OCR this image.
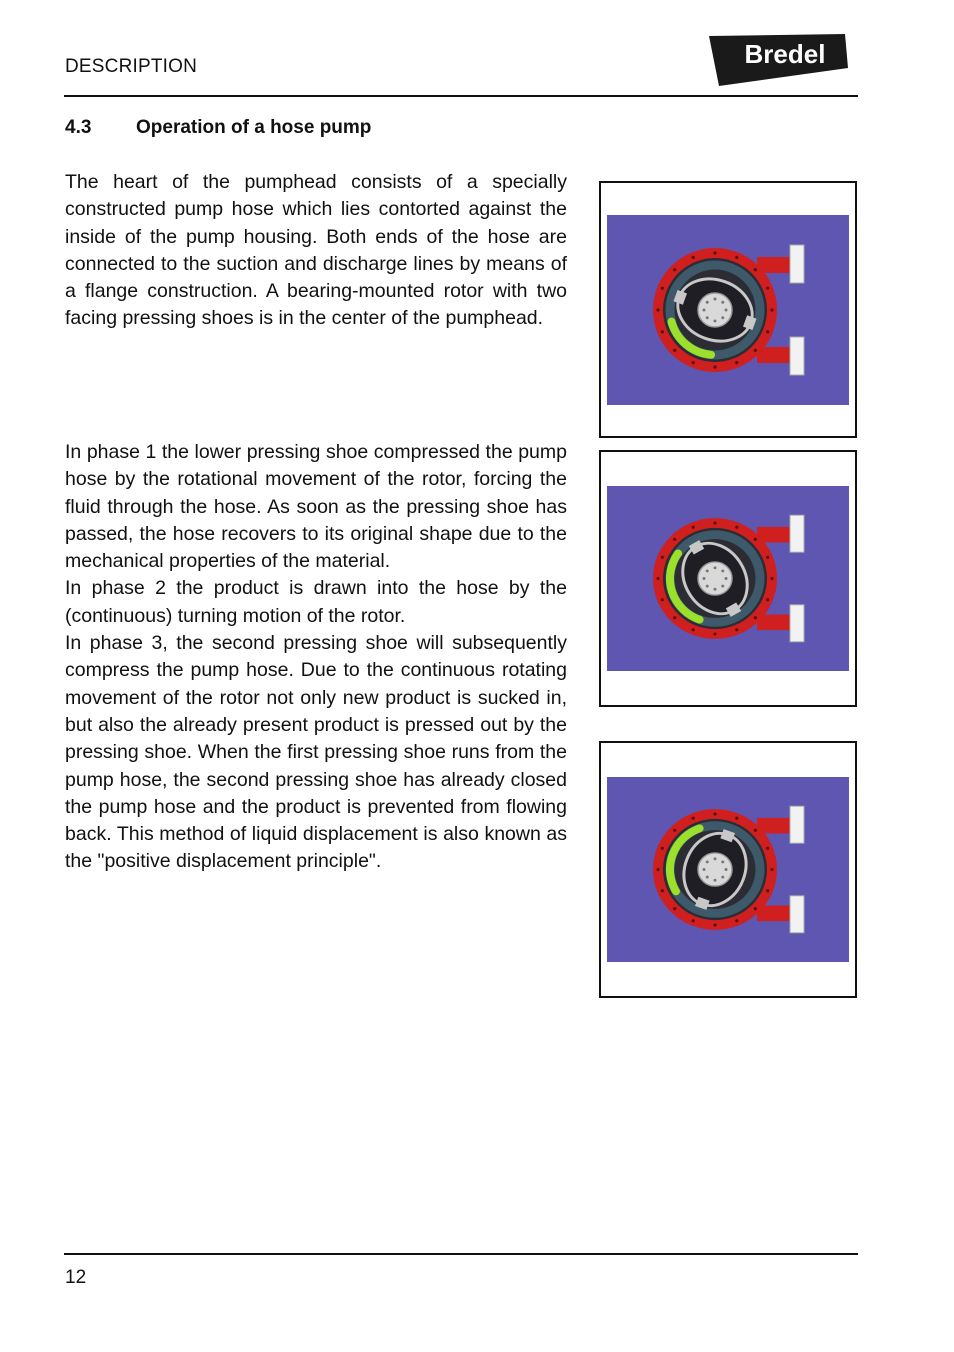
DESCRIPTION	Bredel
4.3 Operation of a hose pump

The heart of the pumphead consists of a specially constructed pump hose which lies contorted against the inside of the pump housing. Both ends of the hose are connected to the suction and discharge lines by means of a flange construction. A bearing-mounted rotor with two facing pressing shoes is in the center of the pumphead.

In phase 1 the lower pressing shoe compressed the pump hose by the rotational movement of the rotor, forcing the fluid through the hose. As soon as the pressing shoe has passed, the hose recovers to its original shape due to the mechanical properties of the material.
In phase 2 the product is drawn into the hose by the (continuous) turning motion of the rotor.
In phase 3, the second pressing shoe will subsequently compress the pump hose. Due to the continuous rotating movement of the rotor not only new product is sucked in, but also the already present product is pressed out by the pressing shoe. When the first pressing shoe runs from the pump hose, the second pressing shoe has already closed the pump hose and the product is prevented from flowing back. This method of liquid displacement is also known as the "positive displacement principle".
12
